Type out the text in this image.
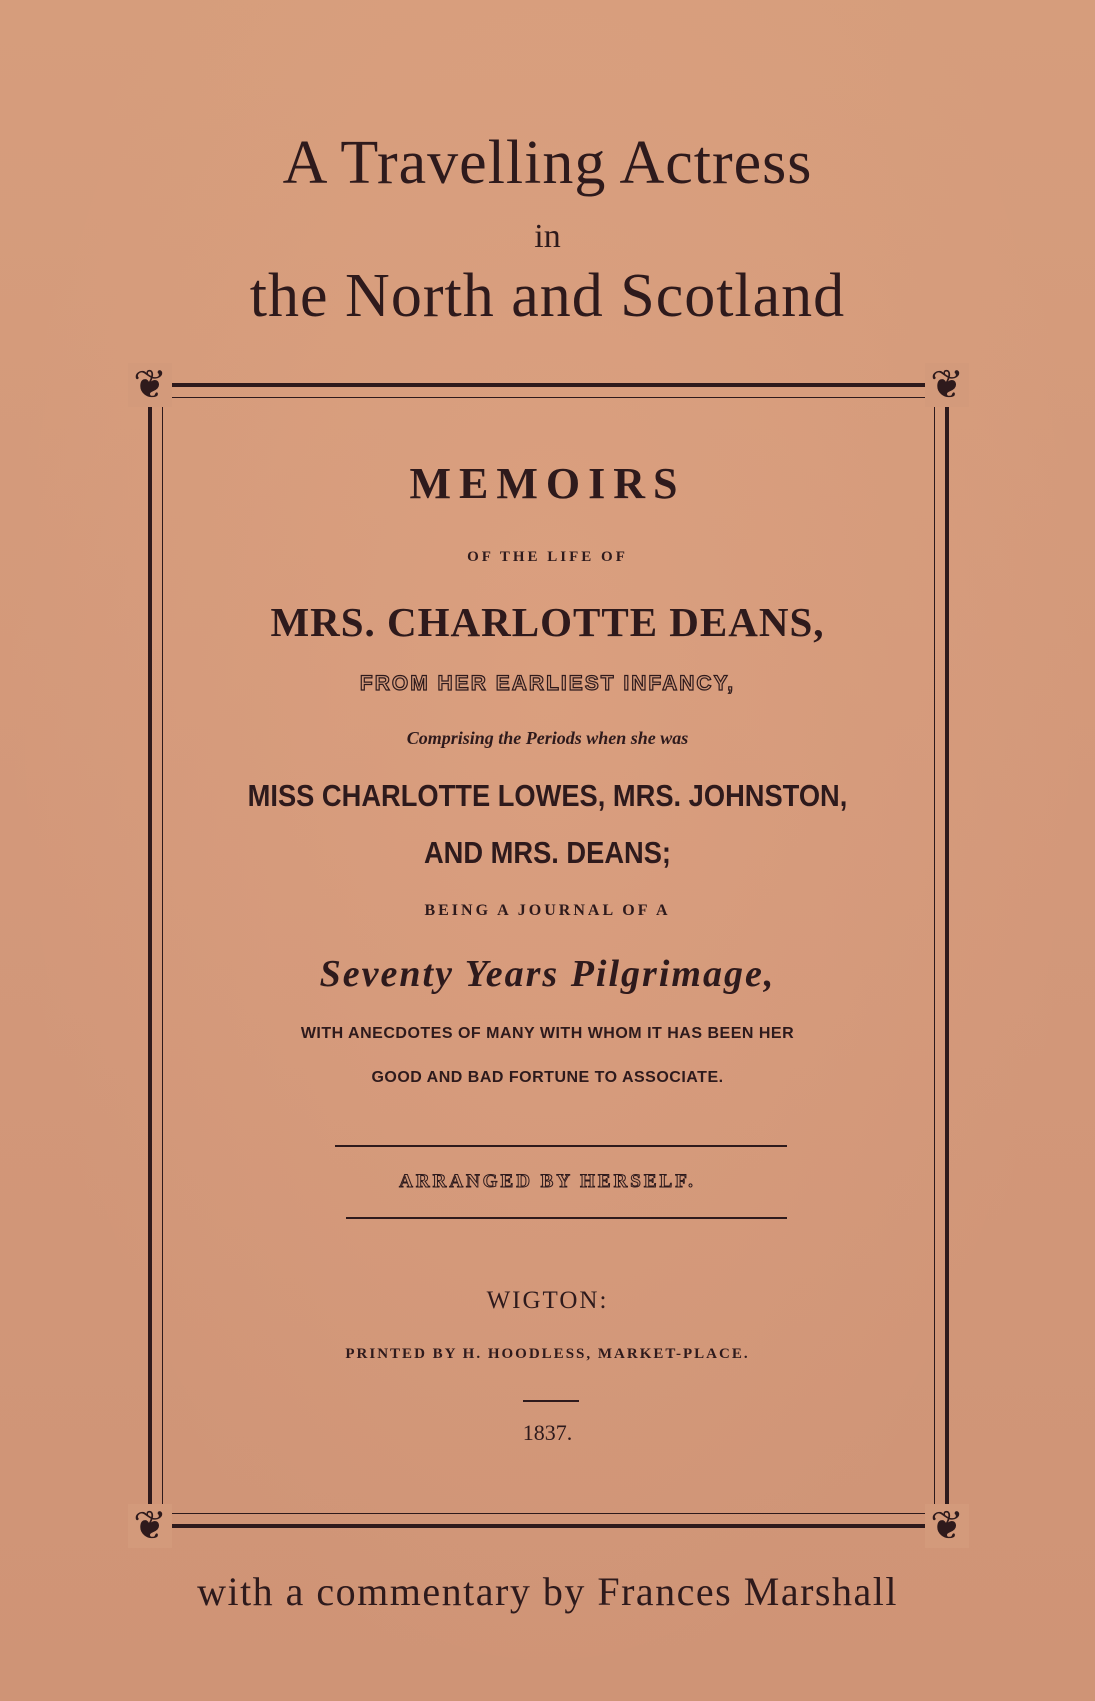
A Travelling Actress
in
the North and Scotland
❦	❦
❦	❦
MEMOIRS
OF THE LIFE OF
MRS. CHARLOTTE DEANS,
FROM HER EARLIEST INFANCY,
Comprising the Periods when she was
MISS CHARLOTTE LOWES, MRS. JOHNSTON,
AND MRS. DEANS;
BEING A JOURNAL OF A
Seventy Years Pilgrimage,
WITH ANECDOTES OF MANY WITH WHOM IT HAS BEEN HER
GOOD AND BAD FORTUNE TO ASSOCIATE.
ARRANGED BY HERSELF.
WIGTON:
PRINTED BY H. HOODLESS, MARKET-PLACE.
1837.
with a commentary by Frances Marshall
